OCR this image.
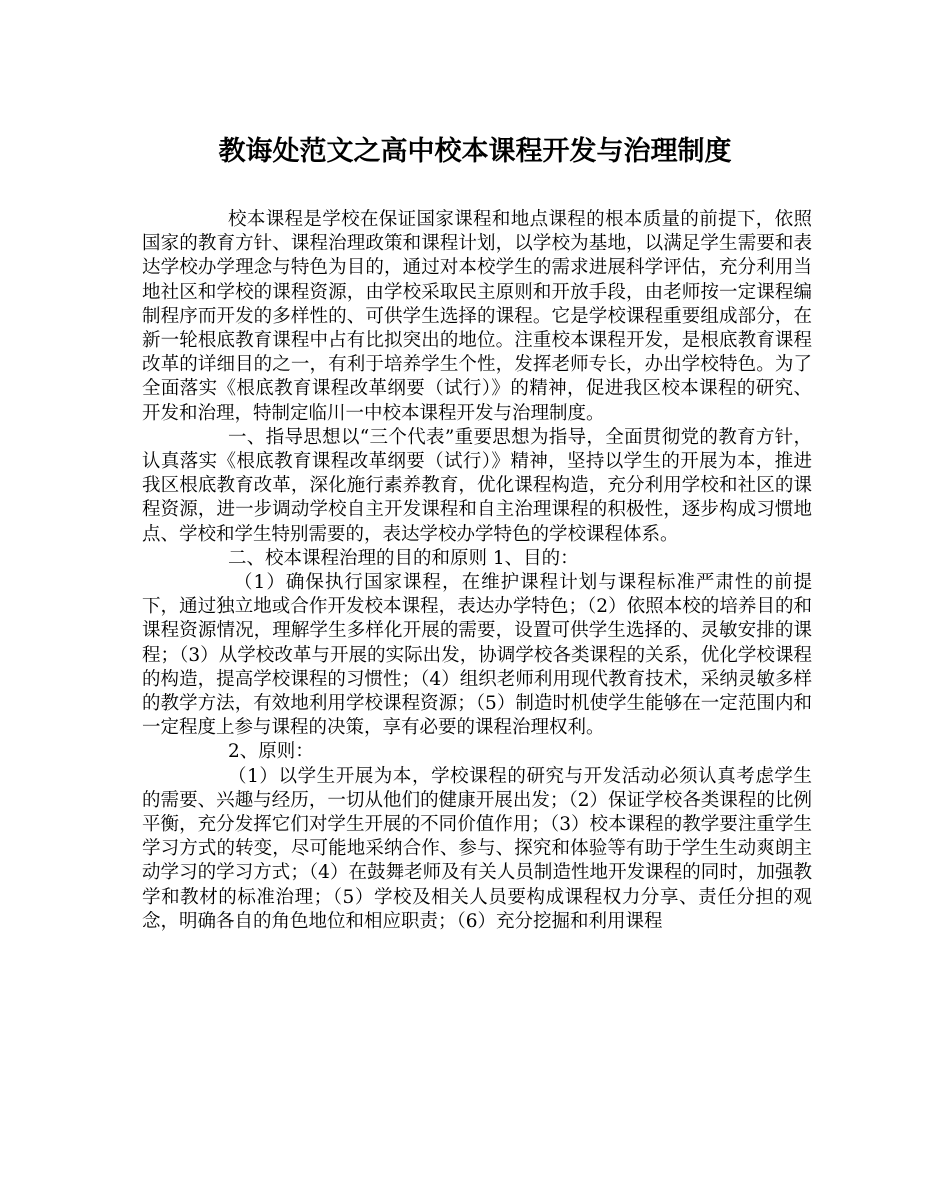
教诲处范文之高中校本课程开发与治理制度

校本课程是学校在保证国家课程和地点课程的根本质量的前提下，依照国家的教育方针、课程治理政策和课程计划，以学校为基地，以满足学生需要和表达学校办学理念与特色为目的，通过对本校学生的需求进展科学评估，充分利用当地社区和学校的课程资源，由学校采取民主原则和开放手段，由老师按一定课程编制程序而开发的多样性的、可供学生选择的课程。它是学校课程重要组成部分，在新一轮根底教育课程中占有比拟突出的地位。注重校本课程开发，是根底教育课程改革的详细目的之一，有利于培养学生个性，发挥老师专长，办出学校特色。为了全面落实《根底教育课程改革纲要（试行）》的精神，促进我区校本课程的研究、开发和治理，特制定临川一中校本课程开发与治理制度。

一、指导思想以“三个代表”重要思想为指导，全面贯彻党的教育方针，认真落实《根底教育课程改革纲要（试行）》精神，坚持以学生的开展为本，推进我区根底教育改革，深化施行素养教育，优化课程构造，充分利用学校和社区的课程资源，进一步调动学校自主开发课程和自主治理课程的积极性，逐步构成习惯地点、学校和学生特别需要的，表达学校办学特色的学校课程体系。

二、校本课程治理的目的和原则 1、目的：

（1）确保执行国家课程，在维护课程计划与课程标准严肃性的前提下，通过独立地或合作开发校本课程，表达办学特色；（2）依照本校的培养目的和课程资源情况，理解学生多样化开展的需要，设置可供学生选择的、灵敏安排的课程；（3）从学校改革与开展的实际出发，协调学校各类课程的关系，优化学校课程的构造，提高学校课程的习惯性；（4）组织老师利用现代教育技术，采纳灵敏多样的教学方法，有效地利用学校课程资源；（5）制造时机使学生能够在一定范围内和一定程度上参与课程的决策，享有必要的课程治理权利。

2、原则：

（1）以学生开展为本，学校课程的研究与开发活动必须认真考虑学生的需要、兴趣与经历，一切从他们的健康开展出发；（2）保证学校各类课程的比例平衡，充分发挥它们对学生开展的不同价值作用；（3）校本课程的教学要注重学生学习方式的转变，尽可能地采纳合作、参与、探究和体验等有助于学生生动爽朗主动学习的学习方式；（4）在鼓舞老师及有关人员制造性地开发课程的同时，加强教学和教材的标准治理；（5）学校及相关人员要构成课程权力分享、责任分担的观念，明确各自的角色地位和相应职责；（6）充分挖掘和利用课程
